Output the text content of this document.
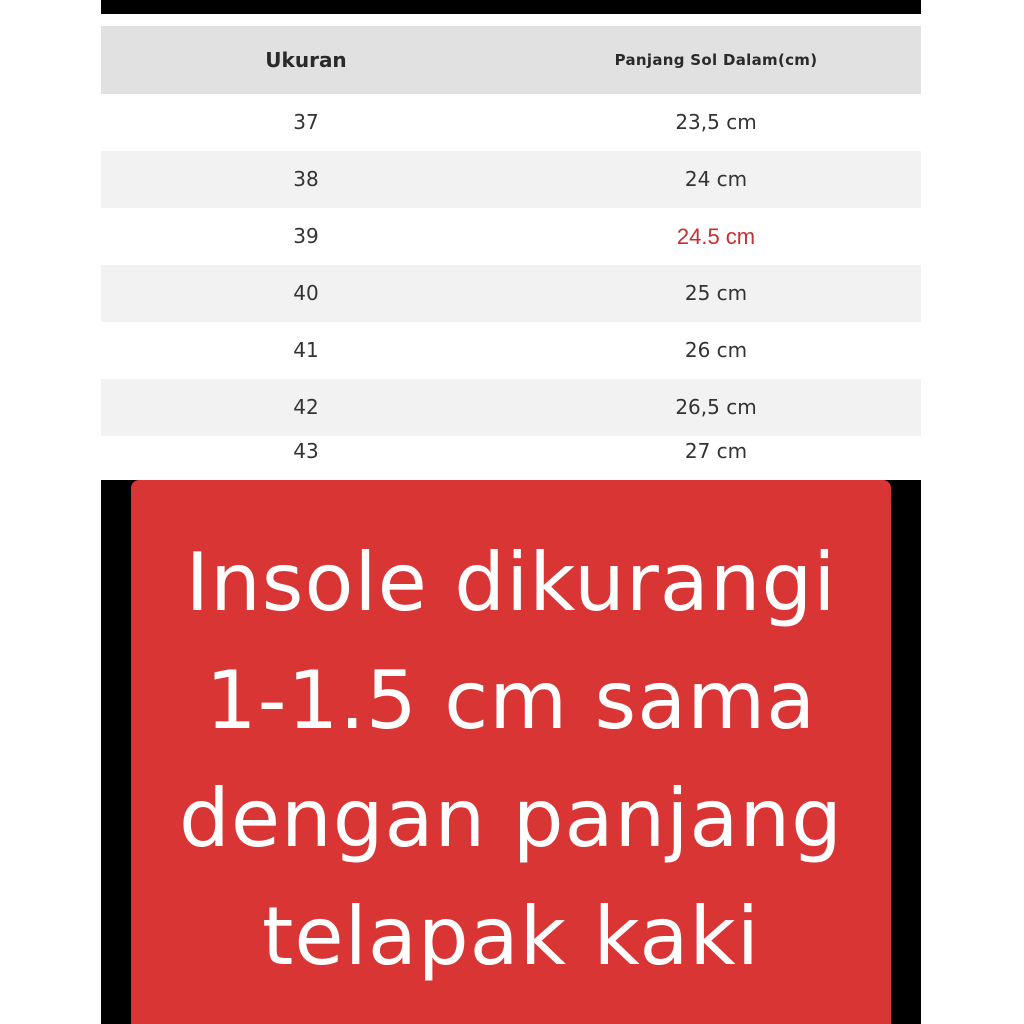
Ukuran	Panjang Sol Dalam(cm)
37	23,5 cm
38	24 cm
39	24.5 cm
40	25 cm
41	26 cm
42	26,5 cm
43	27 cm
Insole dikurangi
1-1.5 cm sama
dengan panjang
telapak kaki
